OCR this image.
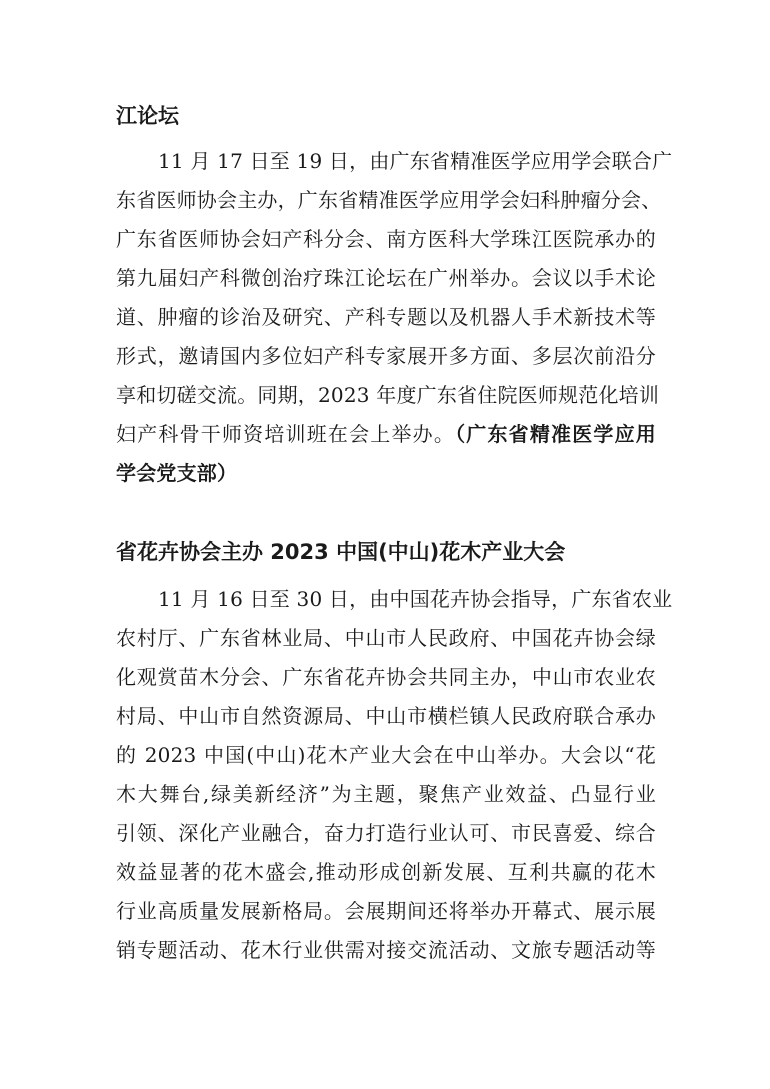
江论坛
11 月 17 日至 19 日，由广东省精准医学应用学会联合广
东省医师协会主办，广东省精准医学应用学会妇科肿瘤分会、
广东省医师协会妇产科分会、南方医科大学珠江医院承办的
第九届妇产科微创治疗珠江论坛在广州举办。会议以手术论
道、肿瘤的诊治及研究、产科专题以及机器人手术新技术等
形式，邀请国内多位妇产科专家展开多方面、多层次前沿分
享和切磋交流。同期，2023 年度广东省住院医师规范化培训
妇产科骨干师资培训班在会上举办。（广东省精准医学应用
学会党支部）
省花卉协会主办 2023 中国(中山)花木产业大会
11 月 16 日至 30 日，由中国花卉协会指导，广东省农业
农村厅、广东省林业局、中山市人民政府、中国花卉协会绿
化观赏苗木分会、广东省花卉协会共同主办，中山市农业农
村局、中山市自然资源局、中山市横栏镇人民政府联合承办
的 2023 中国(中山)花木产业大会在中山举办。大会以“花
木大舞台,绿美新经济”为主题，聚焦产业效益、凸显行业
引领、深化产业融合，奋力打造行业认可、市民喜爱、综合
效益显著的花木盛会,推动形成创新发展、互利共赢的花木
行业高质量发展新格局。会展期间还将举办开幕式、展示展
销专题活动、花木行业供需对接交流活动、文旅专题活动等
